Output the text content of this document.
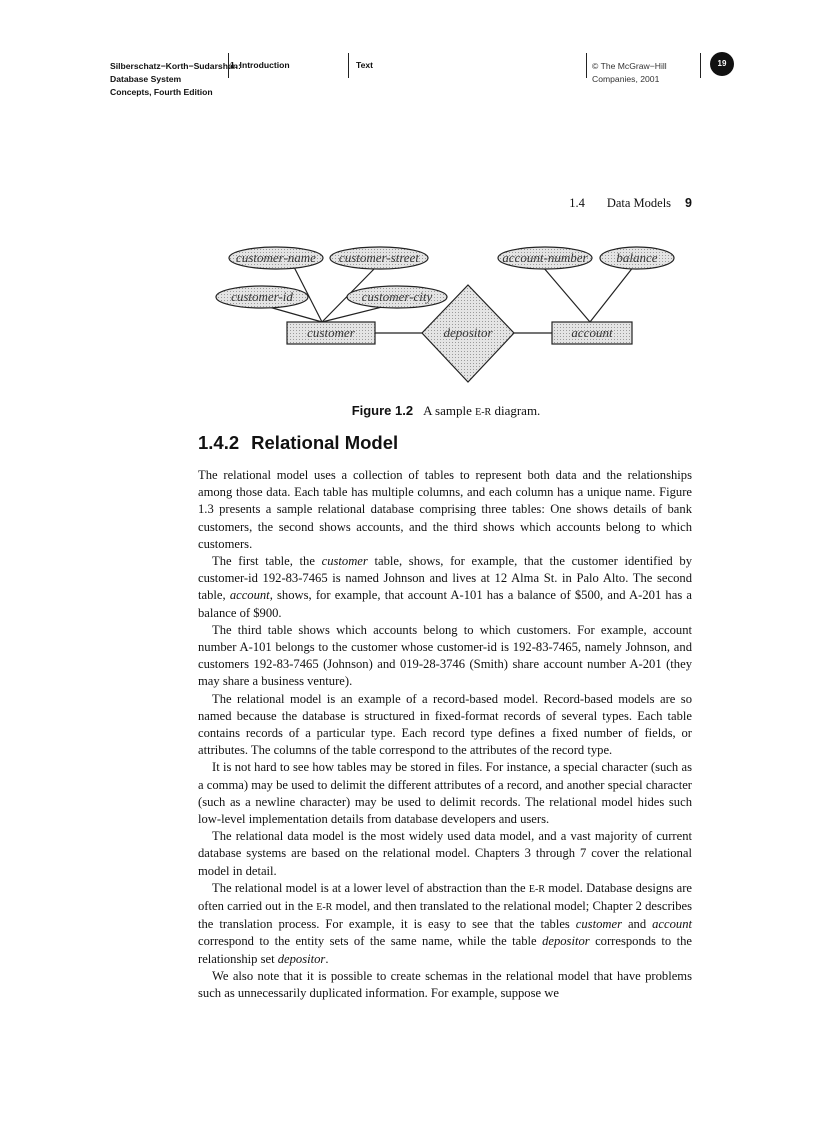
Silberschatz−Korth−Sudarshan:
Database System
Concepts, Fourth Edition
1. Introduction	Text	© The McGraw−Hill
Companies, 2001
19
1.4 Data Models 9
customer-name customer-street
customer-id	customer-city
account-number balance
customer	account
depositor
Figure 1.2 A sample E-R diagram.
1.4.2 Relational Model

The relational model uses a collection of tables to represent both data and the relationships among those data. Each table has multiple columns, and each column has a unique name. Figure 1.3 presents a sample relational database comprising three tables: One shows details of bank customers, the second shows accounts, and the third shows which accounts belong to which customers.

The first table, the customer table, shows, for example, that the customer identified by customer-id 192-83-7465 is named Johnson and lives at 12 Alma St. in Palo Alto. The second table, account, shows, for example, that account A-101 has a balance of $500, and A-201 has a balance of $900.

The third table shows which accounts belong to which customers. For example, account number A-101 belongs to the customer whose customer-id is 192-83-7465, namely Johnson, and customers 192-83-7465 (Johnson) and 019-28-3746 (Smith) share account number A-201 (they may share a business venture).

The relational model is an example of a record-based model. Record-based models are so named because the database is structured in fixed-format records of several types. Each table contains records of a particular type. Each record type defines a fixed number of fields, or attributes. The columns of the table correspond to the attributes of the record type.

It is not hard to see how tables may be stored in files. For instance, a special character (such as a comma) may be used to delimit the different attributes of a record, and another special character (such as a newline character) may be used to delimit records. The relational model hides such low-level implementation details from database developers and users.

The relational data model is the most widely used data model, and a vast majority of current database systems are based on the relational model. Chapters 3 through 7 cover the relational model in detail.

The relational model is at a lower level of abstraction than the E-R model. Database designs are often carried out in the E-R model, and then translated to the relational model; Chapter 2 describes the translation process. For example, it is easy to see that the tables customer and account correspond to the entity sets of the same name, while the table depositor corresponds to the relationship set depositor.

We also note that it is possible to create schemas in the relational model that have problems such as unnecessarily duplicated information. For example, suppose we
